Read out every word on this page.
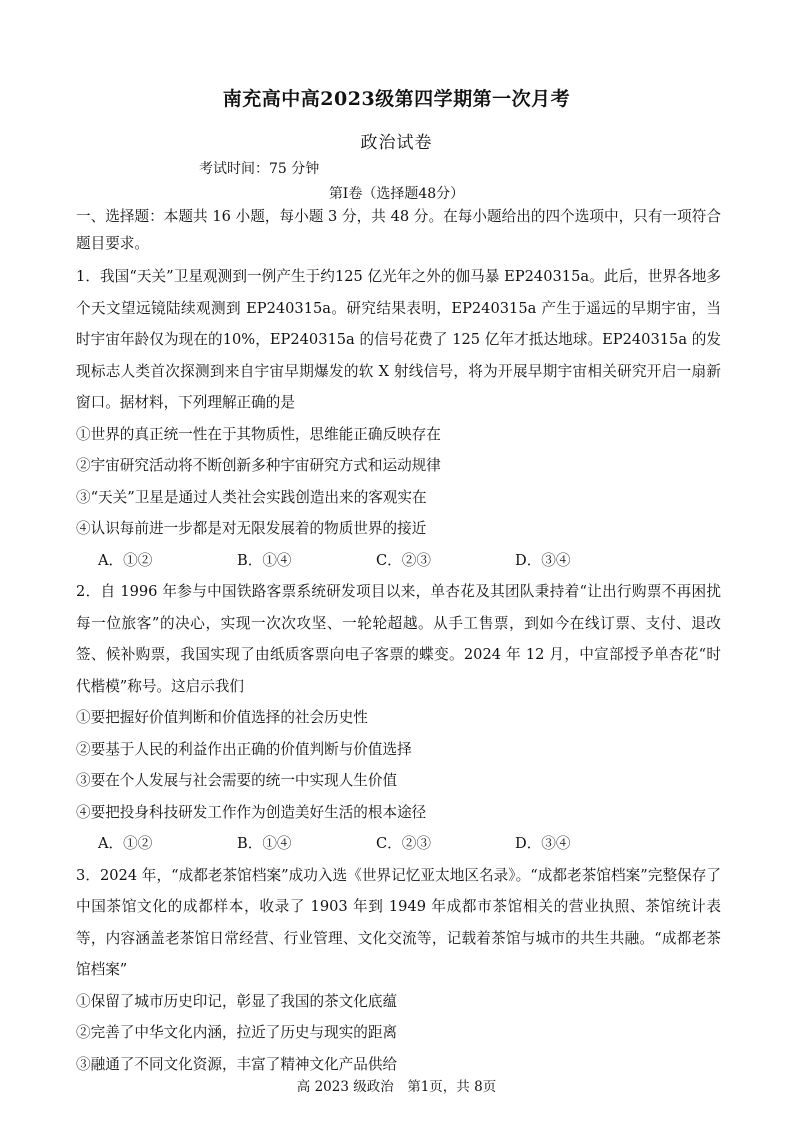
南充高中高2023级第四学期第一次月考
政治试卷
考试时间：75 分钟
第Ⅰ卷（选择题48分）

一、选择题：本题共 16 小题，每小题 3 分，共 48 分。在每小题给出的四个选项中，只有一项符合题目要求。

1．我国“天关”卫星观测到一例产生于约125 亿光年之外的伽马暴 EP240315a。此后，世界各地多个天文望远镜陆续观测到 EP240315a。研究结果表明，EP240315a 产生于遥远的早期宇宙，当时宇宙年龄仅为现在的10%，EP240315a 的信号花费了 125 亿年才抵达地球。EP240315a 的发现标志人类首次探测到来自宇宙早期爆发的软 X 射线信号，将为开展早期宇宙相关研究开启一扇新窗口。据材料，下列理解正确的是

①世界的真正统一性在于其物质性，思维能正确反映存在

②宇宙研究活动将不断创新多种宇宙研究方式和运动规律

③“天关”卫星是通过人类社会实践创造出来的客观实在

④认识每前进一步都是对无限发展着的物质世界的接近

A．①②	B．①④	C．②③	D．③④

2．自 1996 年参与中国铁路客票系统研发项目以来，单杏花及其团队秉持着“让出行购票不再困扰每一位旅客”的决心，实现一次次攻坚、一轮轮超越。从手工售票，到如今在线订票、支付、退改签、候补购票，我国实现了由纸质客票向电子客票的蝶变。2024 年 12 月，中宣部授予单杏花“时代楷模”称号。这启示我们

①要把握好价值判断和价值选择的社会历史性

②要基于人民的利益作出正确的价值判断与价值选择

③要在个人发展与社会需要的统一中实现人生价值

④要把投身科技研发工作作为创造美好生活的根本途径

A．①②	B．①④	C．②③	D．③④

3．2024 年，“成都老茶馆档案”成功入选《世界记忆亚太地区名录》。“成都老茶馆档案”完整保存了中国茶馆文化的成都样本，收录了 1903 年到 1949 年成都市茶馆相关的营业执照、茶馆统计表等，内容涵盖老茶馆日常经营、行业管理、文化交流等，记载着茶馆与城市的共生共融。“成都老茶馆档案”

①保留了城市历史印记，彰显了我国的茶文化底蕴

②完善了中华文化内涵，拉近了历史与现实的距离

③融通了不同文化资源，丰富了精神文化产品供给

高 2023 级政治　第1页，共 8页
